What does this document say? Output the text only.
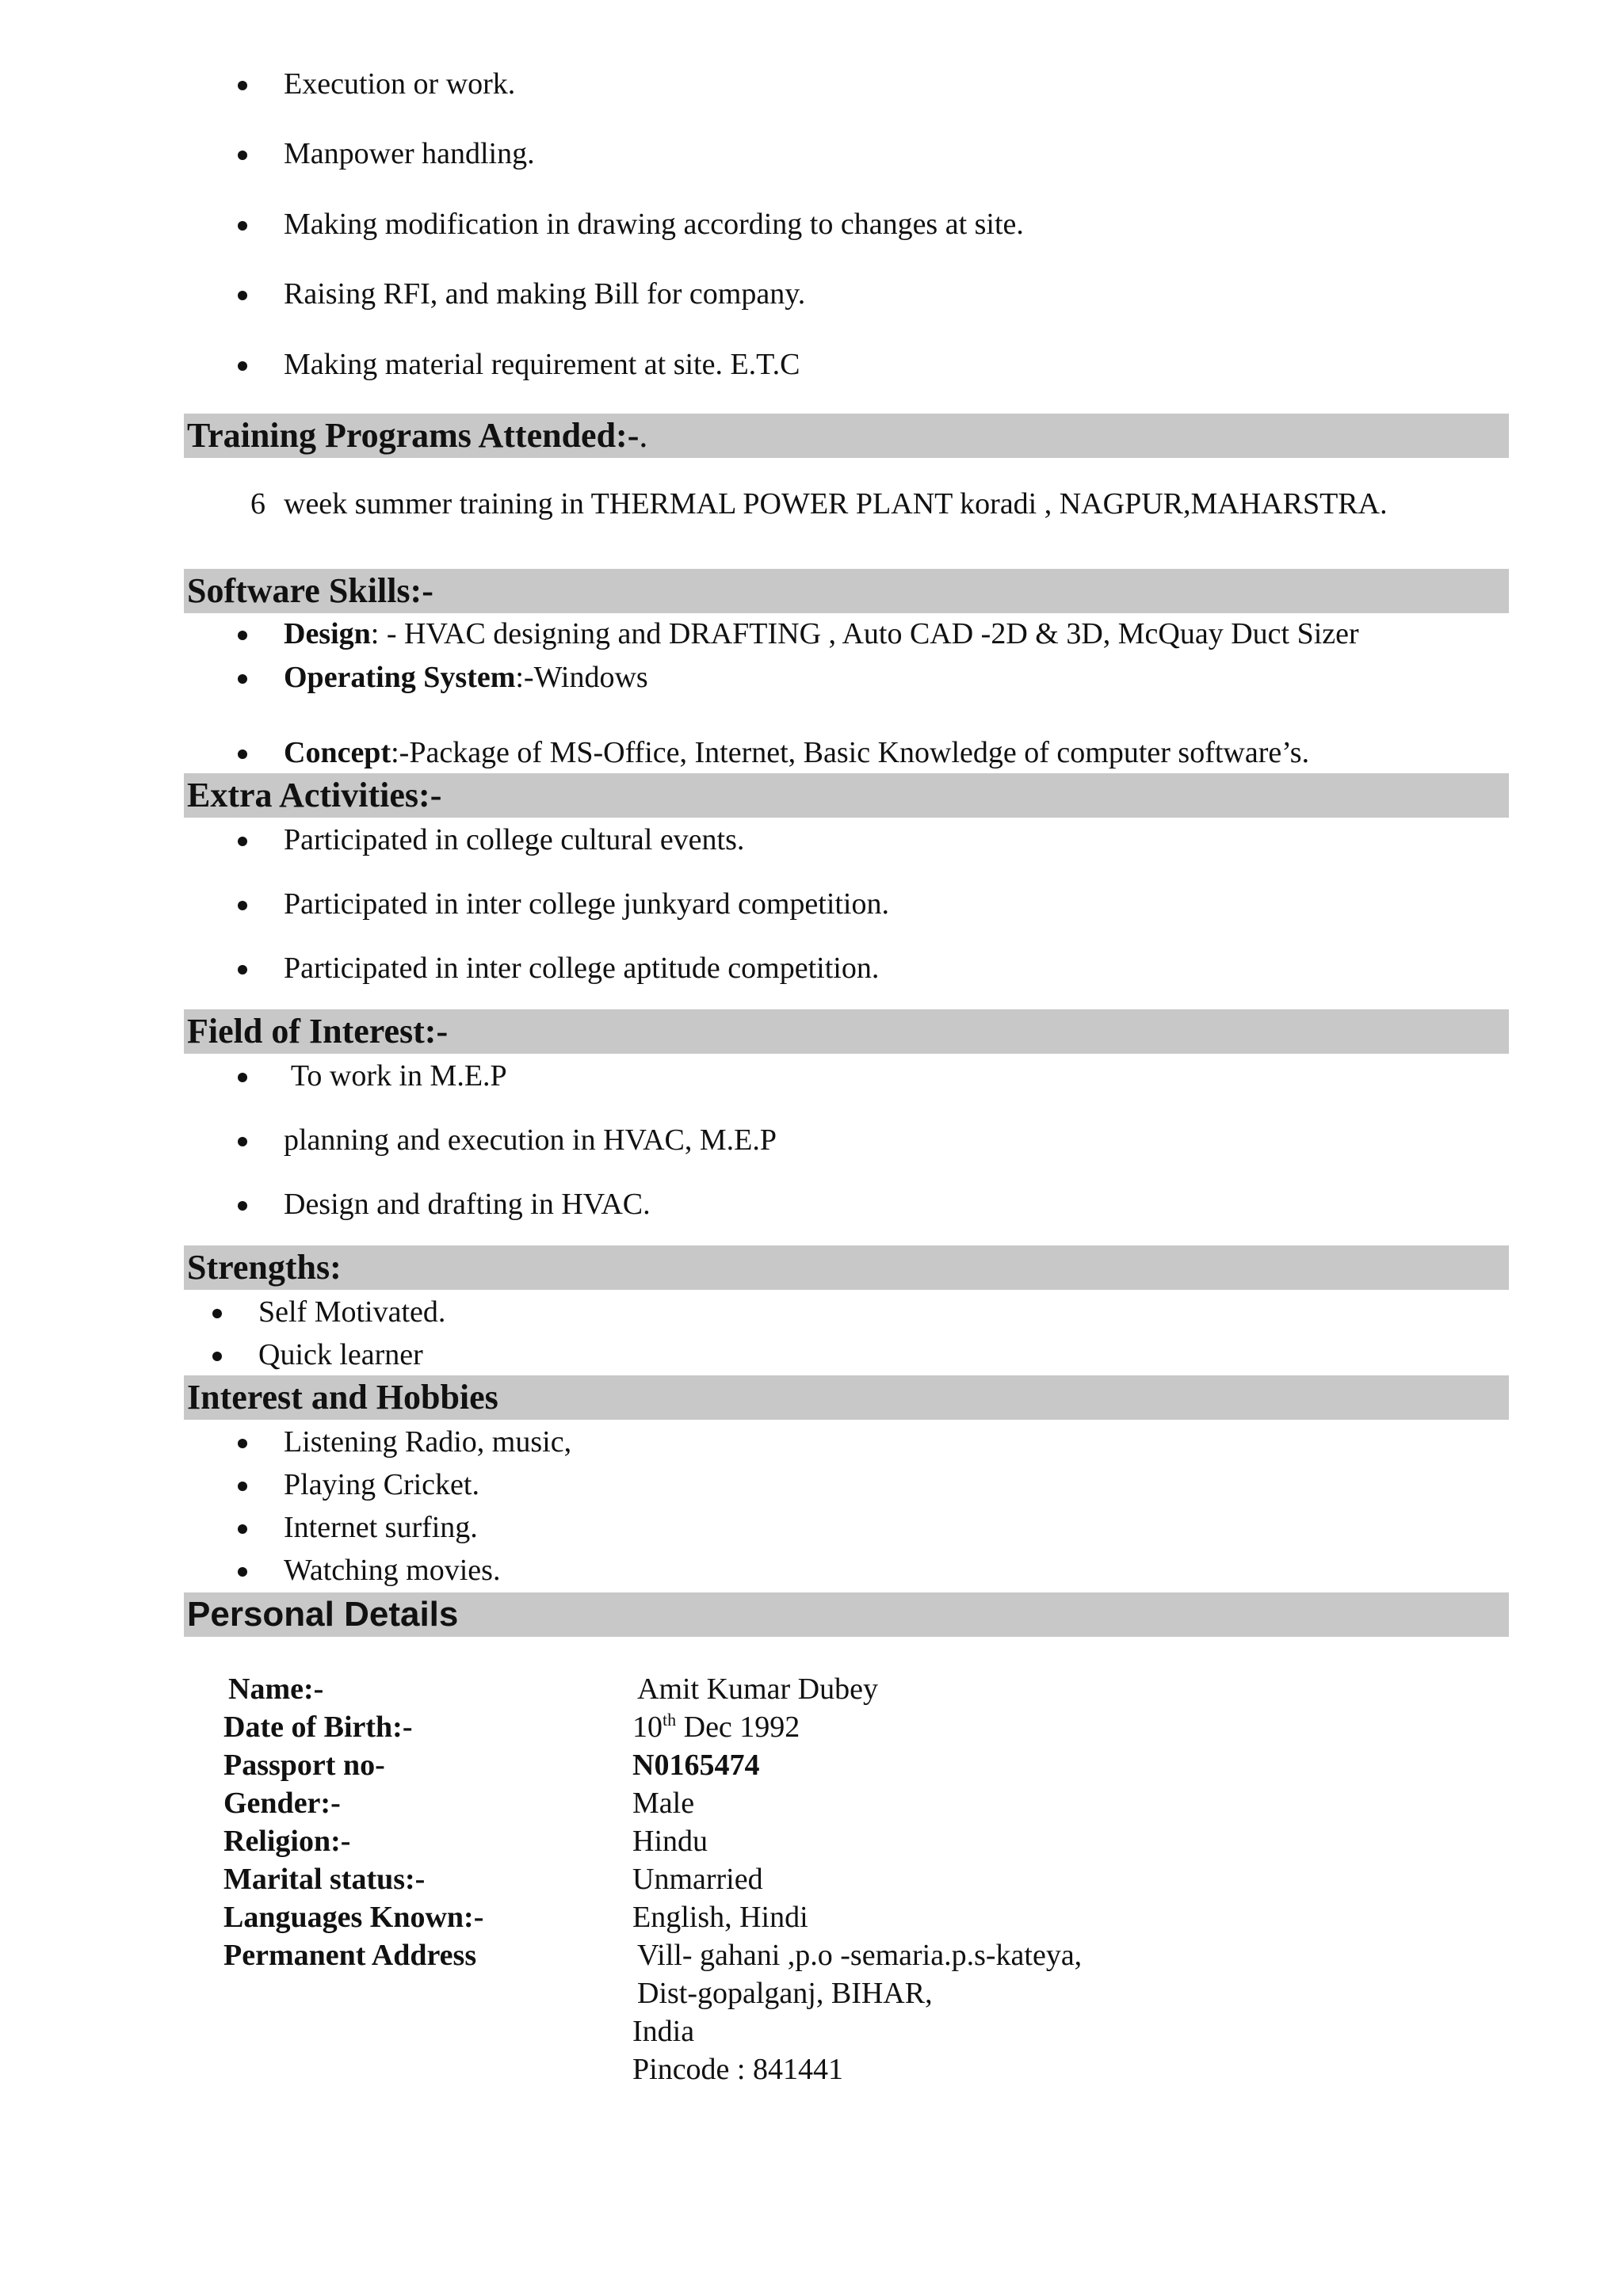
Execution or work.
Manpower handling.
Making modification in drawing according to changes at site.
Raising RFI, and making Bill for company.
Making material requirement at site. E.T.C
Training Programs Attended:-.
6 week summer training in THERMAL POWER PLANT koradi , NAGPUR,MAHARSTRA.
Software Skills:-
Design: - HVAC designing and DRAFTING , Auto CAD -2D & 3D, McQuay Duct Sizer
Operating System:-Windows
Concept:-Package of MS-Office, Internet, Basic Knowledge of computer software’s.
Extra Activities:-
Participated in college cultural events.
Participated in inter college junkyard competition.
Participated in inter college aptitude competition.
Field of Interest:-
To work in M.E.P
planning and execution in HVAC, M.E.P
Design and drafting in HVAC.
Strengths:
Self Motivated.
Quick learner
Interest and Hobbies
Listening Radio, music,
Playing Cricket.
Internet surfing.
Watching movies.
Personal Details
Name:-	Amit Kumar Dubey
Date of Birth:-	10th Dec 1992
Passport no-	N0165474
Gender:-	Male
Religion:-	Hindu
Marital status:-	Unmarried
Languages Known:-	English, Hindi
Permanent Address	Vill- gahani ,p.o -semaria.p.s-kateya,
Dist-gopalganj, BIHAR,
India
Pincode : 841441
